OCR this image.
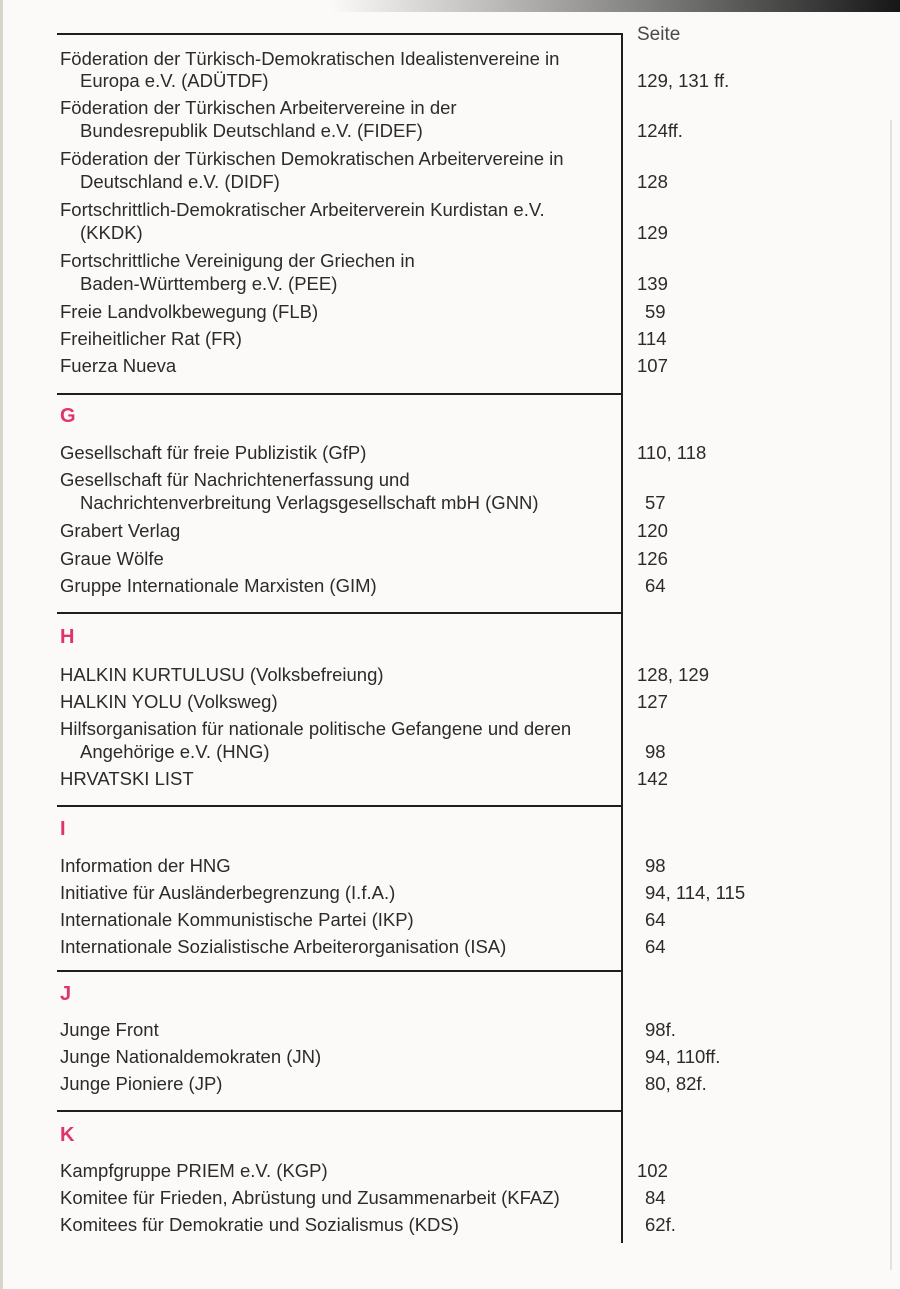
Seite
Föderation der Türkisch-Demokratischen Idealistenvereine in
Europa e.V. (ADÜTDF)	129, 131 ff.
Föderation der Türkischen Arbeitervereine in der
Bundesrepublik Deutschland e.V. (FIDEF)	124ff.
Föderation der Türkischen Demokratischen Arbeitervereine in
Deutschland e.V. (DIDF)	128
Fortschrittlich-Demokratischer Arbeiterverein Kurdistan e.V.
(KKDK)	129
Fortschrittliche Vereinigung der Griechen in
Baden-Württemberg e.V. (PEE)	139
Freie Landvolkbewegung (FLB)	59
Freiheitlicher Rat (FR)	114
Fuerza Nueva	107
G
Gesellschaft für freie Publizistik (GfP)	110, 118
Gesellschaft für Nachrichtenerfassung und
Nachrichtenverbreitung Verlagsgesellschaft mbH (GNN)	57
Grabert Verlag	120
Graue Wölfe	126
Gruppe Internationale Marxisten (GIM)	64
H
HALKIN KURTULUSU (Volksbefreiung)	128, 129
HALKIN YOLU (Volksweg)	127
Hilfsorganisation für nationale politische Gefangene und deren
Angehörige e.V. (HNG)	98
HRVATSKI LIST	142
I
Information der HNG	98
Initiative für Ausländerbegrenzung (I.f.A.)	94, 114, 115
Internationale Kommunistische Partei (IKP)	64
Internationale Sozialistische Arbeiterorganisation (ISA)	64
J
Junge Front	98f.
Junge Nationaldemokraten (JN)	94, 110ff.
Junge Pioniere (JP)	80, 82f.
K
Kampfgruppe PRIEM e.V. (KGP)	102
Komitee für Frieden, Abrüstung und Zusammenarbeit (KFAZ)	84
Komitees für Demokratie und Sozialismus (KDS)	62f.
